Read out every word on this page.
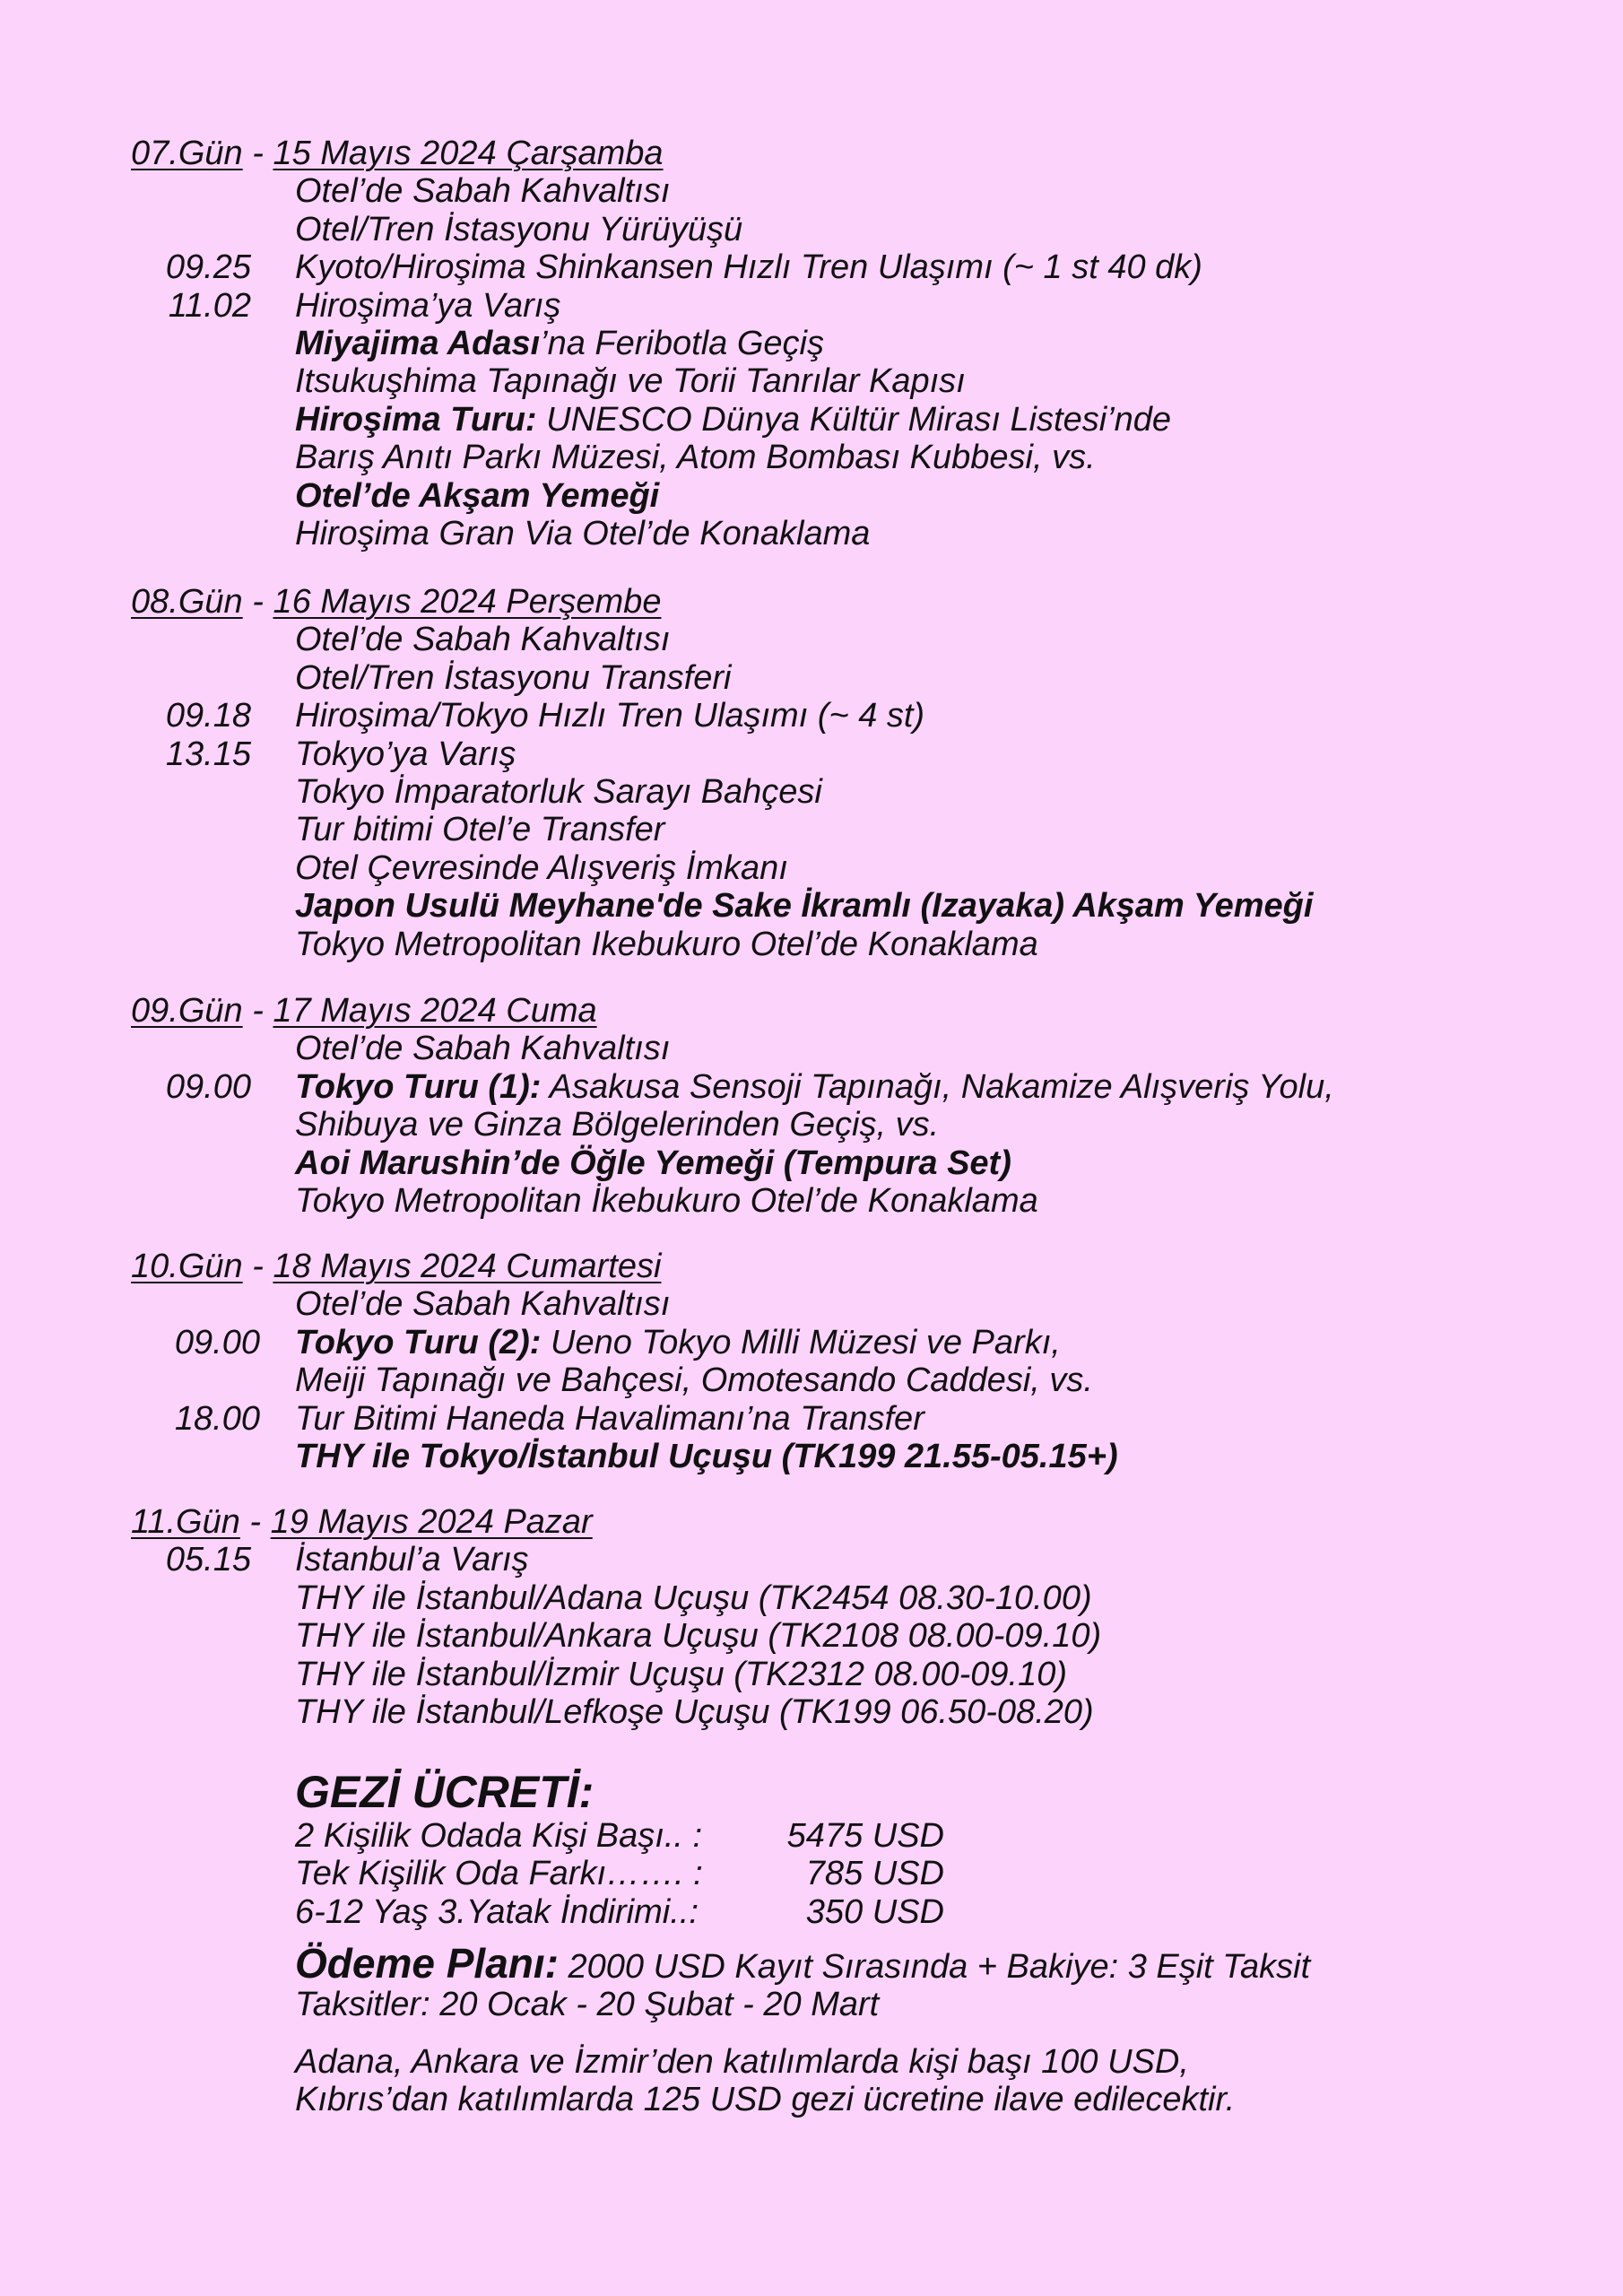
07.Gün - 15 Mayıs 2024 Çarşamba
Otel’de Sabah Kahvaltısı
Otel/Tren İstasyonu Yürüyüşü
09.25 Kyoto/Hiroşima Shinkansen Hızlı Tren Ulaşımı (~ 1 st 40 dk)
11.02 Hiroşima’ya Varış
Miyajima Adası’na Feribotla Geçiş
Itsukuşhima Tapınağı ve Torii Tanrılar Kapısı
Hiroşima Turu: UNESCO Dünya Kültür Mirası Listesi’nde
Barış Anıtı Parkı Müzesi, Atom Bombası Kubbesi, vs.
Otel’de Akşam Yemeği
Hiroşima Gran Via Otel’de Konaklama
08.Gün - 16 Mayıs 2024 Perşembe
Otel’de Sabah Kahvaltısı
Otel/Tren İstasyonu Transferi
09.18 Hiroşima/Tokyo Hızlı Tren Ulaşımı (~ 4 st)
13.15 Tokyo’ya Varış
Tokyo İmparatorluk Sarayı Bahçesi
Tur bitimi Otel’e Transfer
Otel Çevresinde Alışveriş İmkanı
Japon Usulü Meyhane'de Sake İkramlı (Izayaka) Akşam Yemeği
Tokyo Metropolitan Ikebukuro Otel’de Konaklama
09.Gün - 17 Mayıs 2024 Cuma
Otel’de Sabah Kahvaltısı
09.00 Tokyo Turu (1): Asakusa Sensoji Tapınağı, Nakamize Alışveriş Yolu,
Shibuya ve Ginza Bölgelerinden Geçiş, vs.
Aoi Marushin’de Öğle Yemeği (Tempura Set)
Tokyo Metropolitan İkebukuro Otel’de Konaklama
10.Gün - 18 Mayıs 2024 Cumartesi
Otel’de Sabah Kahvaltısı
09.00 Tokyo Turu (2): Ueno Tokyo Milli Müzesi ve Parkı,
Meiji Tapınağı ve Bahçesi, Omotesando Caddesi, vs.
18.00 Tur Bitimi Haneda Havalimanı’na Transfer
THY ile Tokyo/İstanbul Uçuşu (TK199 21.55-05.15+)
11.Gün - 19 Mayıs 2024 Pazar
05.15 İstanbul’a Varış
THY ile İstanbul/Adana Uçuşu (TK2454 08.30-10.00)
THY ile İstanbul/Ankara Uçuşu (TK2108 08.00-09.10)
THY ile İstanbul/İzmir Uçuşu (TK2312 08.00-09.10)
THY ile İstanbul/Lefkoşe Uçuşu (TK199 06.50-08.20)
GEZİ ÜCRETİ:
2 Kişilik Odada Kişi Başı.. :	5475 USD
Tek Kişilik Oda Farkı……. :	785 USD
6-12 Yaş 3.Yatak İndirimi..:	350 USD
Ödeme Planı: 2000 USD Kayıt Sırasında + Bakiye: 3 Eşit Taksit
Taksitler: 20 Ocak - 20 Şubat - 20 Mart
Adana, Ankara ve İzmir’den katılımlarda kişi başı 100 USD,
Kıbrıs’dan katılımlarda 125 USD gezi ücretine ilave edilecektir.
